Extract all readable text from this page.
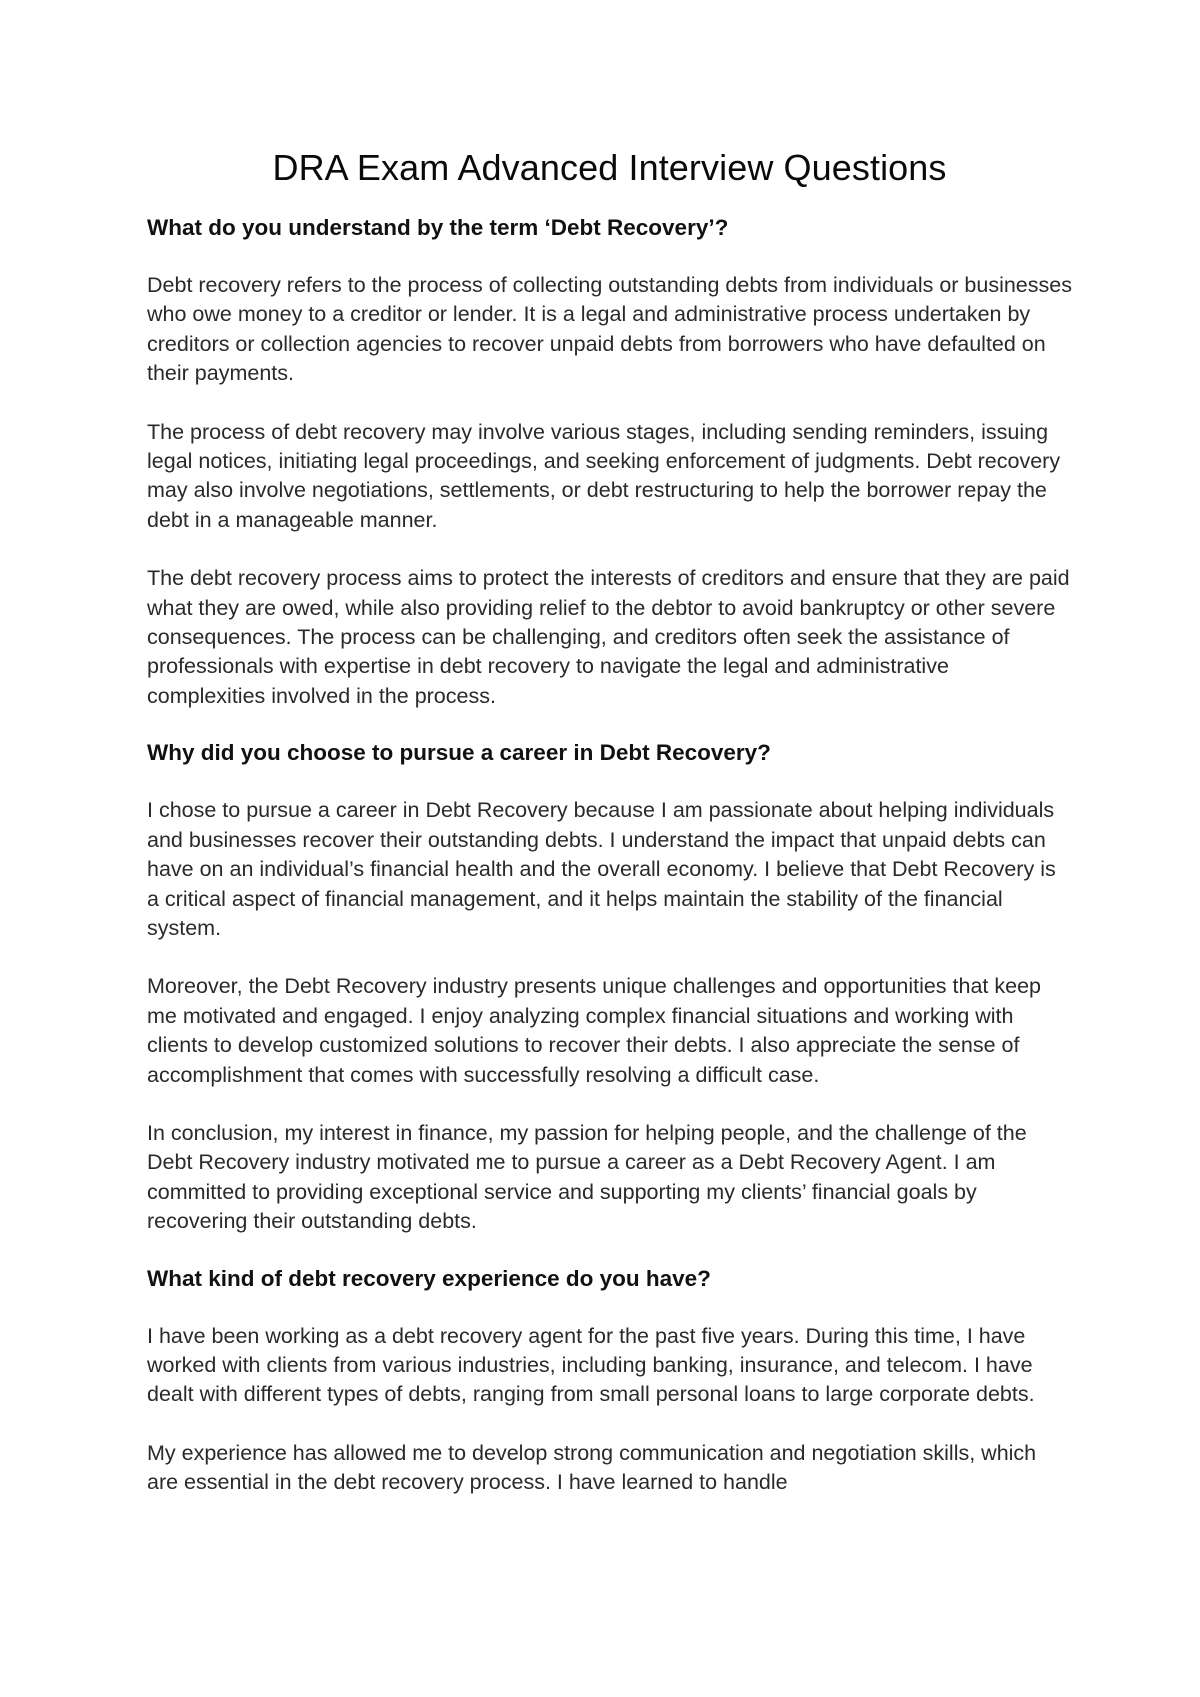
DRA Exam Advanced Interview Questions
What do you understand by the term ‘Debt Recovery’?

Debt recovery refers to the process of collecting outstanding debts from individuals or businesses who owe money to a creditor or lender. It is a legal and administrative process undertaken by creditors or collection agencies to recover unpaid debts from borrowers who have defaulted on their payments.

The process of debt recovery may involve various stages, including sending reminders, issuing legal notices, initiating legal proceedings, and seeking enforcement of judgments. Debt recovery may also involve negotiations, settlements, or debt restructuring to help the borrower repay the debt in a manageable manner.

The debt recovery process aims to protect the interests of creditors and ensure that they are paid what they are owed, while also providing relief to the debtor to avoid bankruptcy or other severe consequences. The process can be challenging, and creditors often seek the assistance of professionals with expertise in debt recovery to navigate the legal and administrative complexities involved in the process.

Why did you choose to pursue a career in Debt Recovery?

I chose to pursue a career in Debt Recovery because I am passionate about helping individuals and businesses recover their outstanding debts. I understand the impact that unpaid debts can have on an individual’s financial health and the overall economy. I believe that Debt Recovery is a critical aspect of financial management, and it helps maintain the stability of the financial system.

Moreover, the Debt Recovery industry presents unique challenges and opportunities that keep me motivated and engaged. I enjoy analyzing complex financial situations and working with clients to develop customized solutions to recover their debts. I also appreciate the sense of accomplishment that comes with successfully resolving a difficult case.

In conclusion, my interest in finance, my passion for helping people, and the challenge of the Debt Recovery industry motivated me to pursue a career as a Debt Recovery Agent. I am committed to providing exceptional service and supporting my clients’ financial goals by recovering their outstanding debts.

What kind of debt recovery experience do you have?

I have been working as a debt recovery agent for the past five years. During this time, I have worked with clients from various industries, including banking, insurance, and telecom. I have dealt with different types of debts, ranging from small personal loans to large corporate debts.

My experience has allowed me to develop strong communication and negotiation skills, which are essential in the debt recovery process. I have learned to handle
